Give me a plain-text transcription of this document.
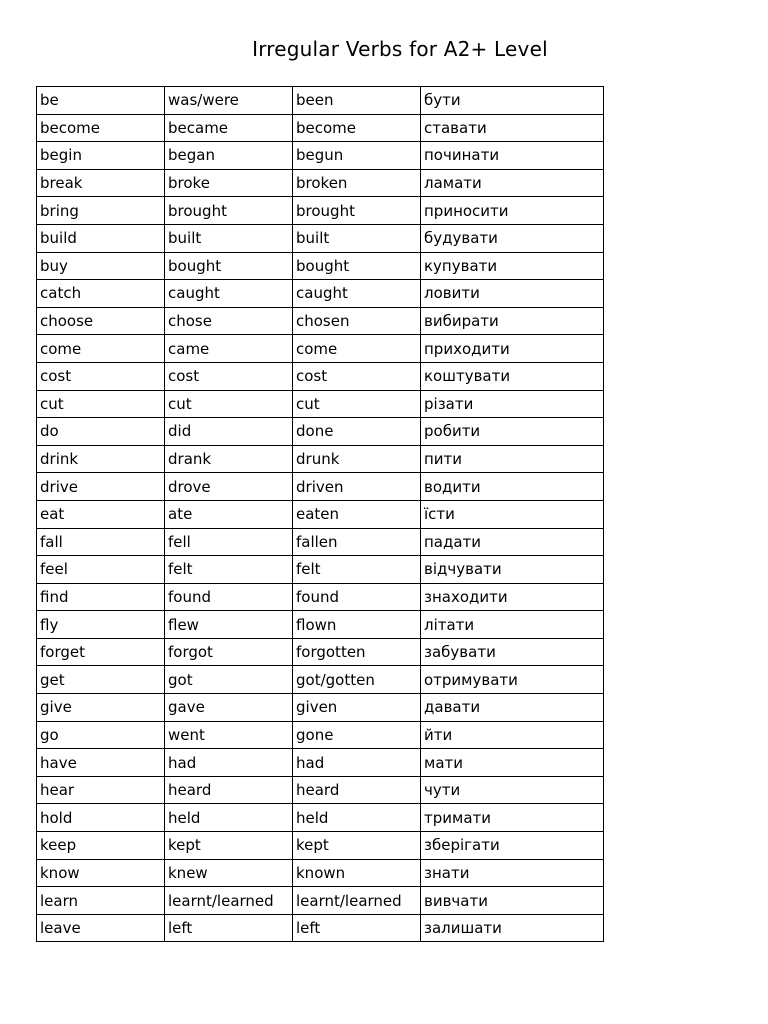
Irregular Verbs for A2+ Level
be	was/were	been	бути
become	became	become	ставати
begin	began	begun	починати
break	broke	broken	ламати
bring	brought	brought	приносити
build	built	built	будувати
buy	bought	bought	купувати
catch	caught	caught	ловити
choose	chose	chosen	вибирати
come	came	come	приходити
cost	cost	cost	коштувати
cut	cut	cut	різати
do	did	done	робити
drink	drank	drunk	пити
drive	drove	driven	водити
eat	ate	eaten	їсти
fall	fell	fallen	падати
feel	felt	felt	відчувати
find	found	found	знаходити
fly	flew	flown	літати
forget	forgot	forgotten	забувати
get	got	got/gotten	отримувати
give	gave	given	давати
go	went	gone	йти
have	had	had	мати
hear	heard	heard	чути
hold	held	held	тримати
keep	kept	kept	зберігати
know	knew	known	знати
learn	learnt/learned	learnt/learned	вивчати
leave	left	left	залишати
